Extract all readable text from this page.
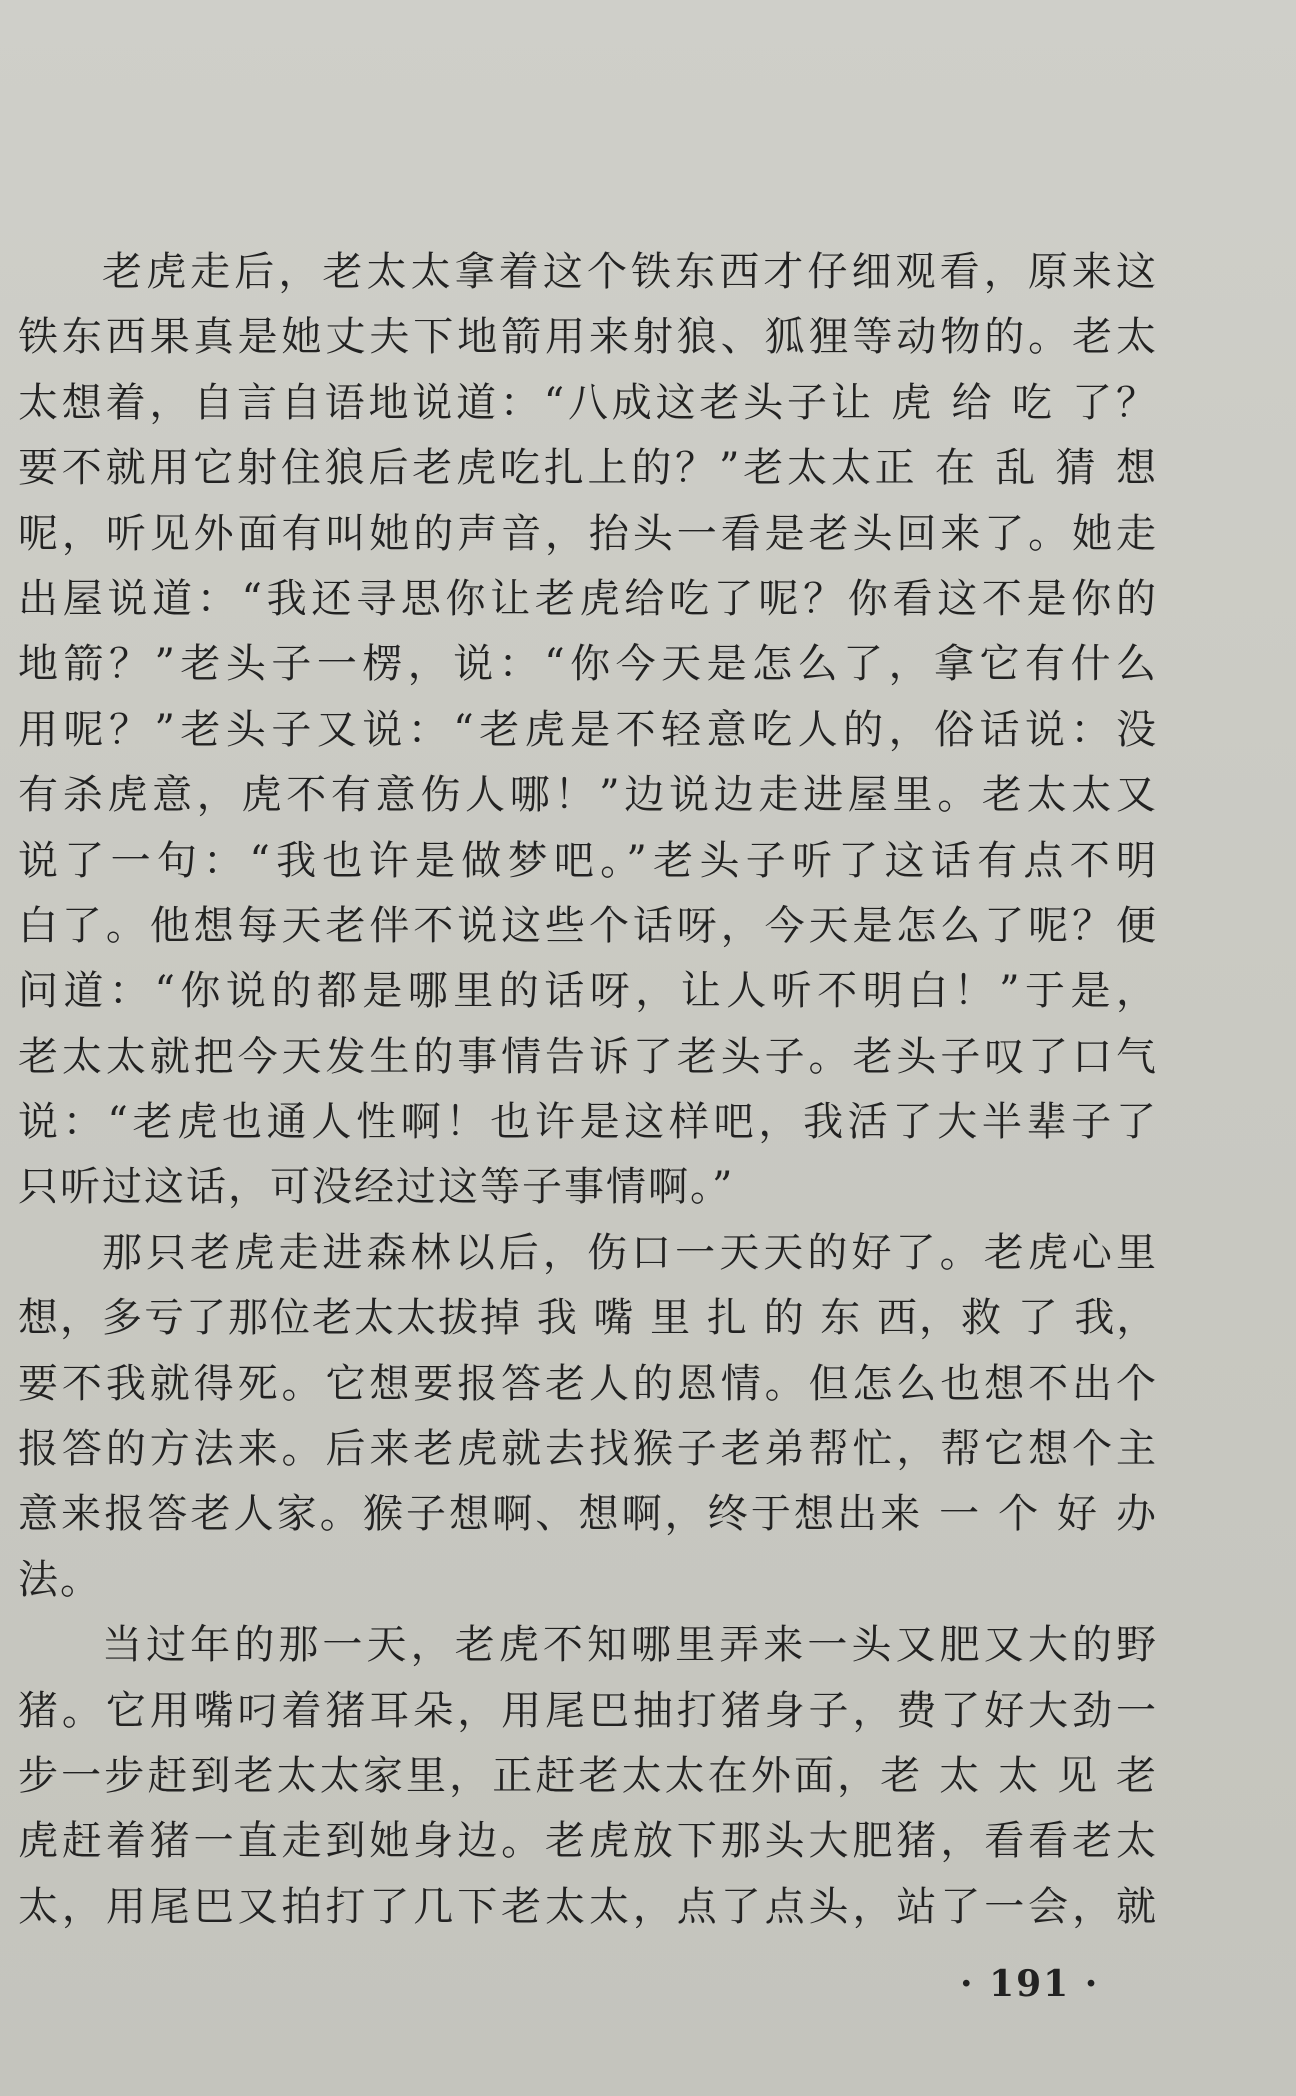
老虎走后，老太太拿着这个铁东西才仔细观看，原来这
铁东西果真是她丈夫下地箭用来射狼、狐狸等动物的。老太
太想着，自言自语地说道：“八成这老头子让 虎 给 吃 了？
要不就用它射住狼后老虎吃扎上的？”老太太正 在 乱 猜 想
呢，听见外面有叫她的声音，抬头一看是老头回来了。她走
出屋说道：“我还寻思你让老虎给吃了呢？你看这不是你的
地箭？”老头子一楞，说：“你今天是怎么了，拿它有什么
用呢？”老头子又说：“老虎是不轻意吃人的，俗话说：没
有杀虎意，虎不有意伤人哪！”边说边走进屋里。老太太又
说了一句：“我也许是做梦吧。”老头子听了这话有点不明
白了。他想每天老伴不说这些个话呀，今天是怎么了呢？便
问道：“你说的都是哪里的话呀，让人听不明白！”于是，
老太太就把今天发生的事情告诉了老头子。老头子叹了口气
说：“老虎也通人性啊！也许是这样吧，我活了大半辈子了
只听过这话，可没经过这等子事情啊。”
那只老虎走进森林以后，伤口一天天的好了。老虎心里
想，多亏了那位老太太拔掉 我 嘴 里 扎 的 东 西，救 了 我，
要不我就得死。它想要报答老人的恩情。但怎么也想不出个
报答的方法来。后来老虎就去找猴子老弟帮忙，帮它想个主
意来报答老人家。猴子想啊、想啊，终于想出来 一 个 好 办
法。
当过年的那一天，老虎不知哪里弄来一头又肥又大的野
猪。它用嘴叼着猪耳朵，用尾巴抽打猪身子，费了好大劲一
步一步赶到老太太家里，正赶老太太在外面，老 太 太 见 老
虎赶着猪一直走到她身边。老虎放下那头大肥猪，看看老太
太，用尾巴又拍打了几下老太太，点了点头，站了一会，就
· 191 ·
